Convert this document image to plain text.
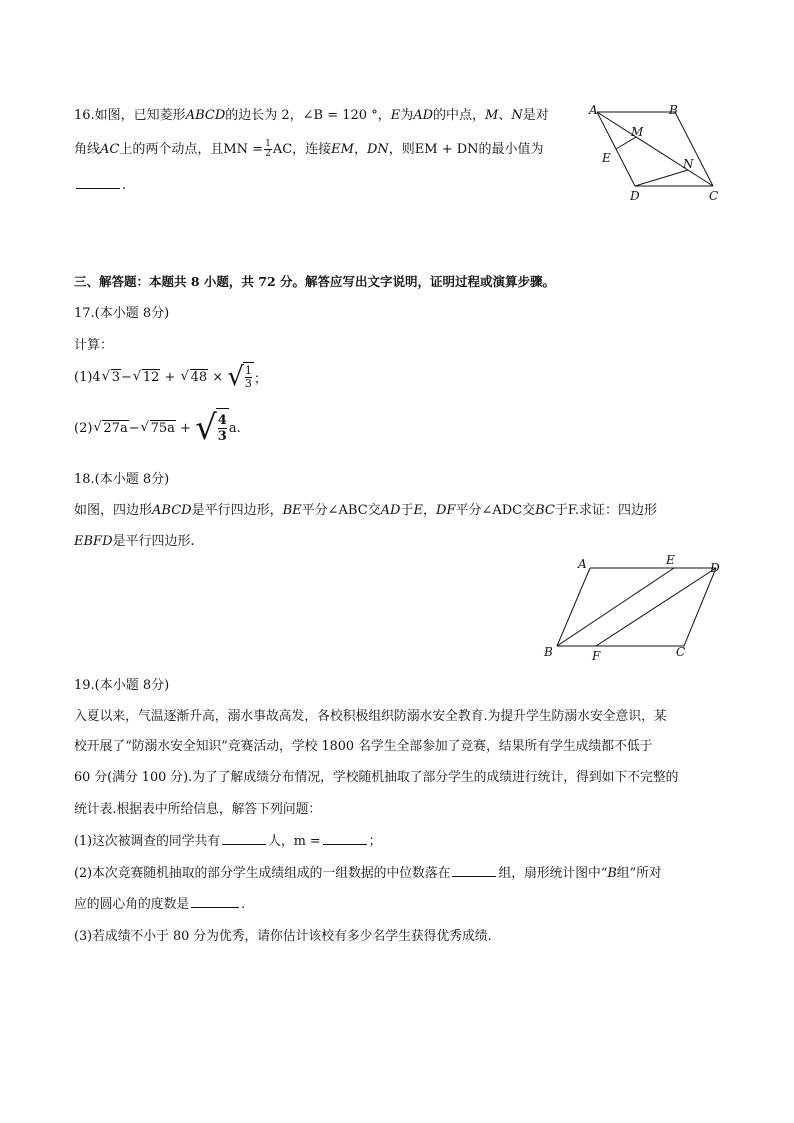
16.如图，已知菱形ABCD的边长为 2，∠B = 120 °，E为AD的中点，M、N是对
角线AC上的两个动点，且MN = $\frac{1}{2}$ AC，连接EM，DN，则EM + DN的最小值为
.
A	B
C
D
E
M
N
三、解答题：本题共 8 小题，共 72 分。解答应写出文字说明，证明过程或演算步骤。
17.(本小题 8分)
计算：
(1)4 √ 3 − √ 12 + √ 48 × √ $\frac{1}{3}$ ；
(2) √ 27a − √ 75a + √ $\frac{4}{3} a$.
18.(本小题 8分)
如图，四边形ABCD是平行四边形，BE平分∠ABC交AD于E，DF平分∠ADC交BC于F.求证：四边形
EBFD是平行四边形.
A	E
D
B	F	C
19.(本小题 8分)
入夏以来，气温逐渐升高，溺水事故高发，各校积极组织防溺水安全教育.为提升学生防溺水安全意识，某
校开展了“防溺水安全知识”竞赛活动，学校 1800 名学生全部参加了竞赛，结果所有学生成绩都不低于
60 分(满分 100 分).为了了解成绩分布情况，学校随机抽取了部分学生的成绩进行统计，得到如下不完整的
统计表.根据表中所给信息，解答下列问题：
(1)这次被调查的同学共有	人，m =	；
(2)本次竞赛随机抽取的部分学生成绩组成的一组数据的中位数落在	组，扇形统计图中“B组”所对
应的圆心角的度数是	.
(3)若成绩不小于 80 分为优秀，请你估计该校有多少名学生获得优秀成绩.
